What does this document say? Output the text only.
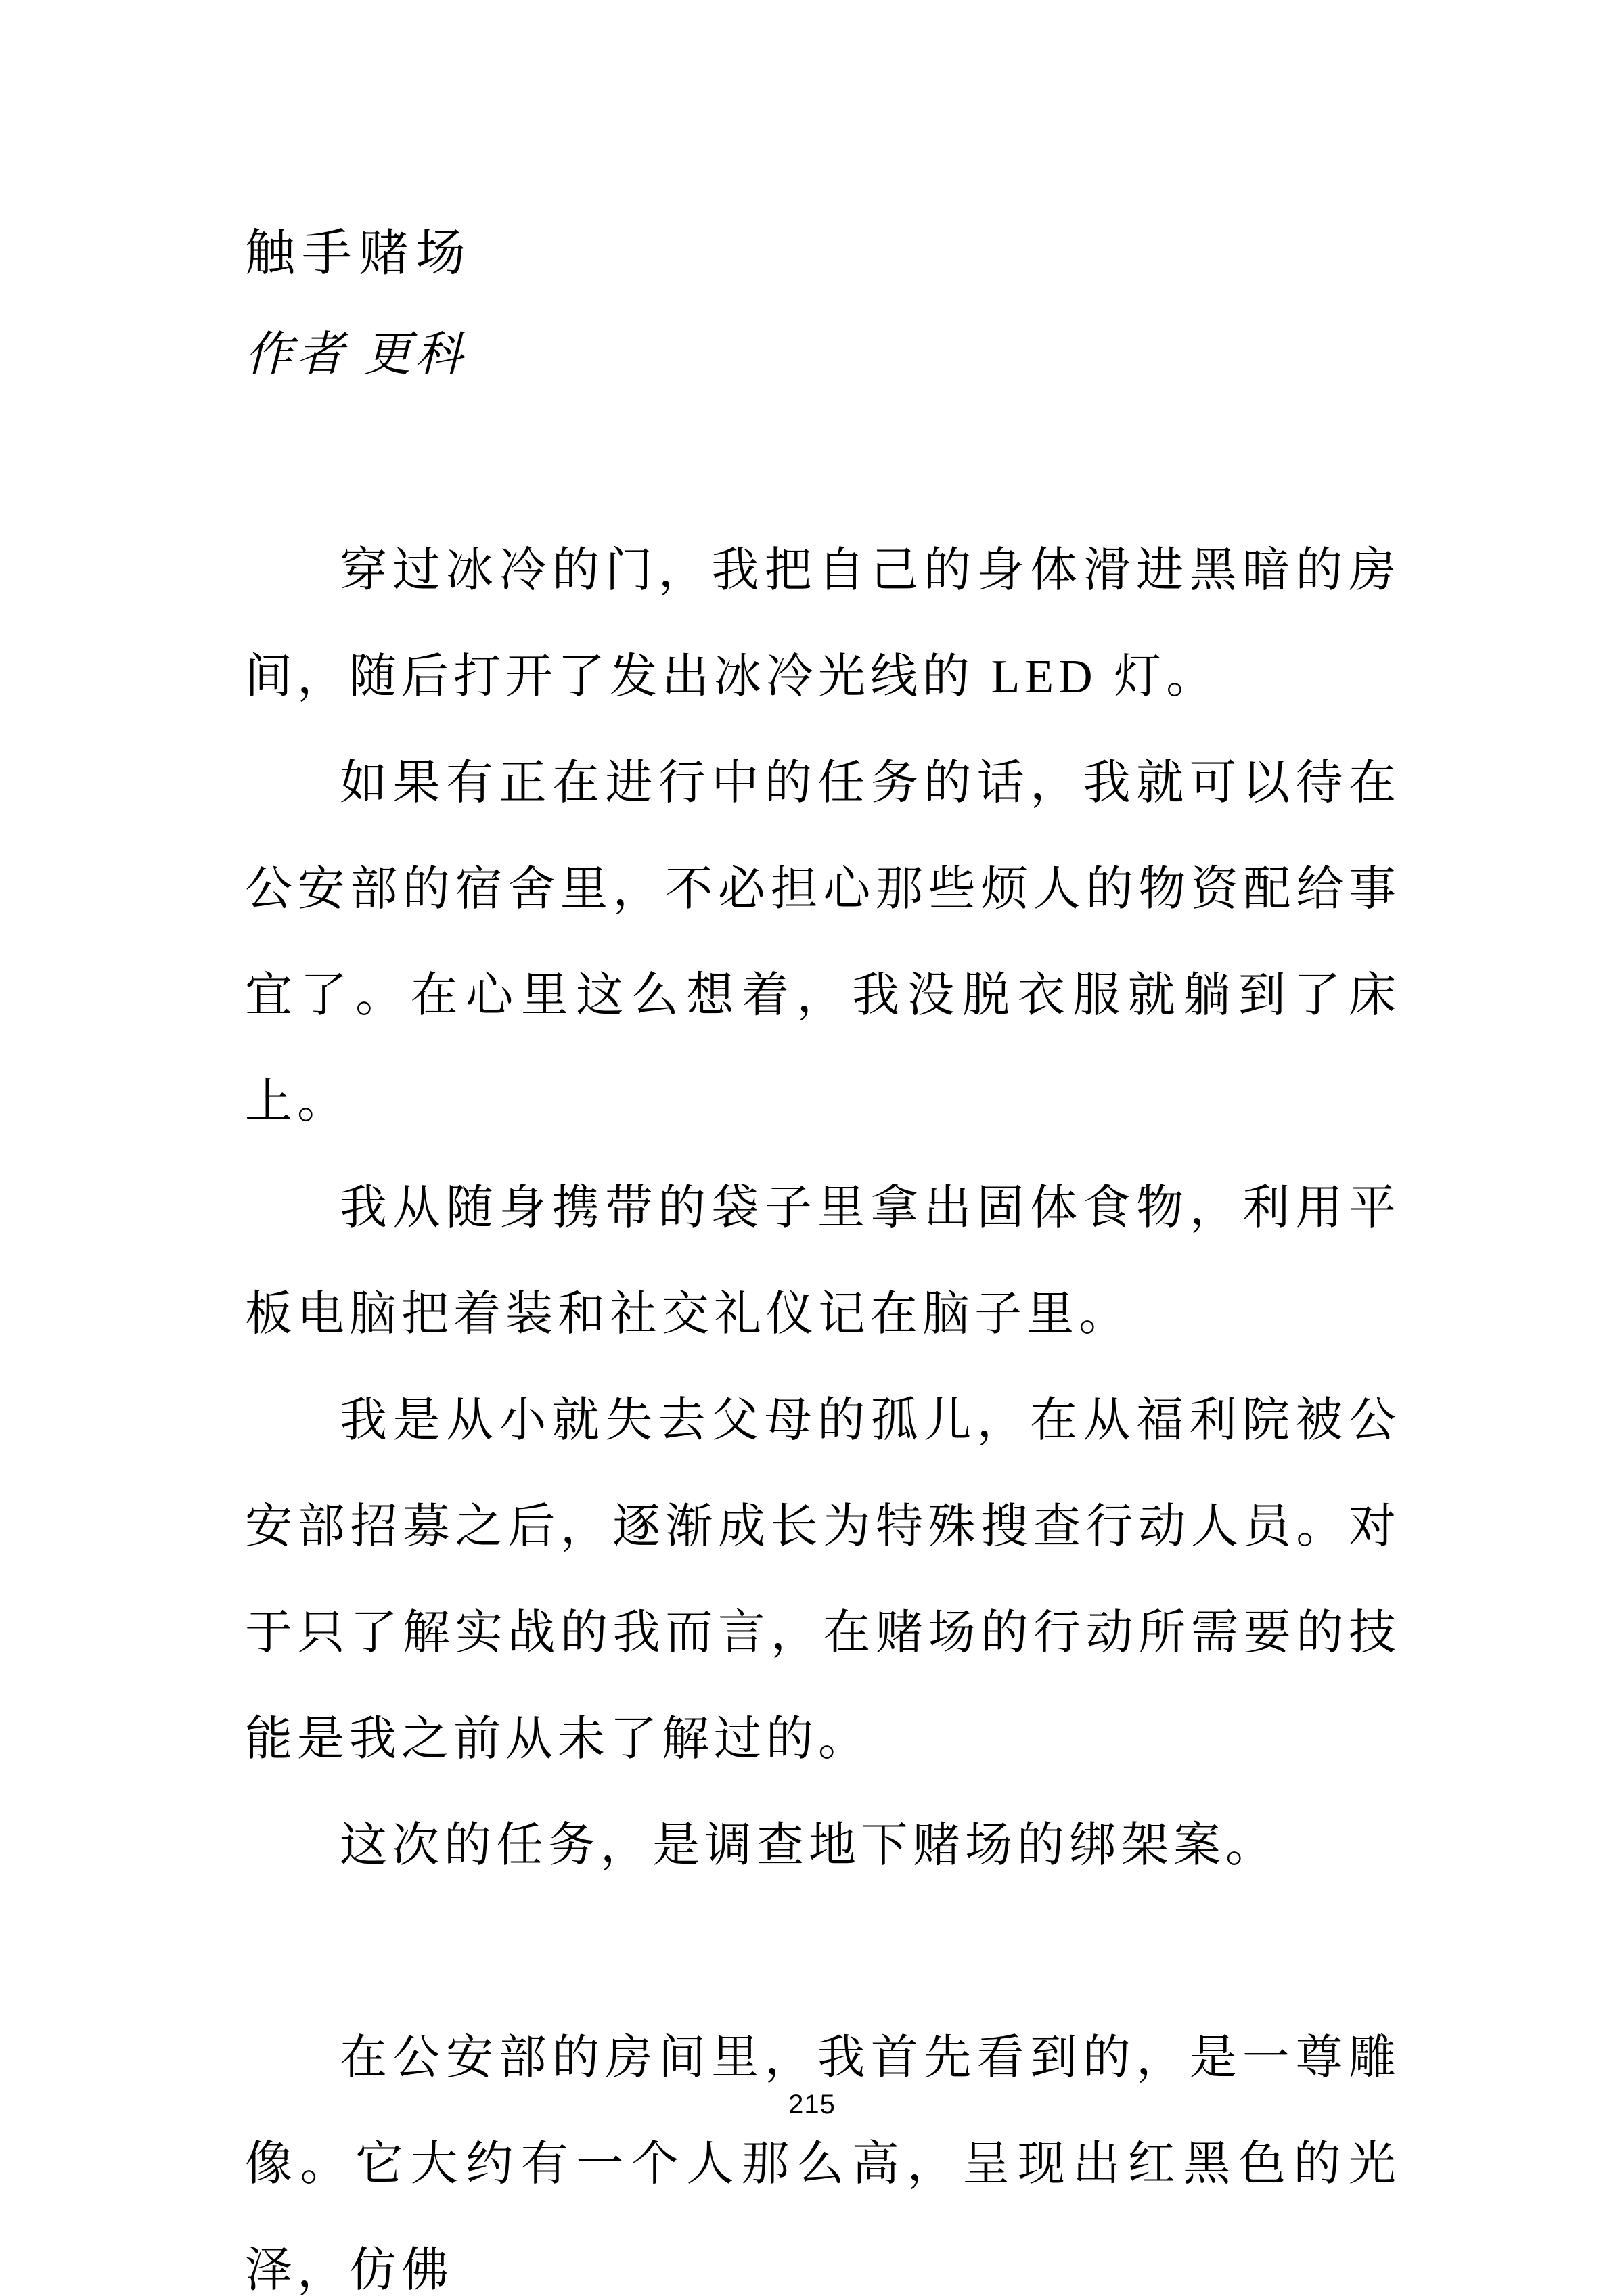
触手赌场
作者 更科

穿过冰冷的门，我把自己的身体滑进黑暗的房间，随后打开了发出冰冷光线的 LED 灯。

如果有正在进行中的任务的话，我就可以待在公安部的宿舍里，不必担心那些烦人的物资配给事宜了。在心里这么想着，我没脱衣服就躺到了床上。

我从随身携带的袋子里拿出固体食物，利用平板电脑把着装和社交礼仪记在脑子里。

我是从小就失去父母的孤儿，在从福利院被公安部招募之后，逐渐成长为特殊搜查行动人员。对于只了解实战的我而言，在赌场的行动所需要的技能是我之前从未了解过的。

这次的任务，是调查地下赌场的绑架案。

在公安部的房间里，我首先看到的，是一尊雕像。它大约有一个人那么高，呈现出红黑色的光泽，仿佛

215
